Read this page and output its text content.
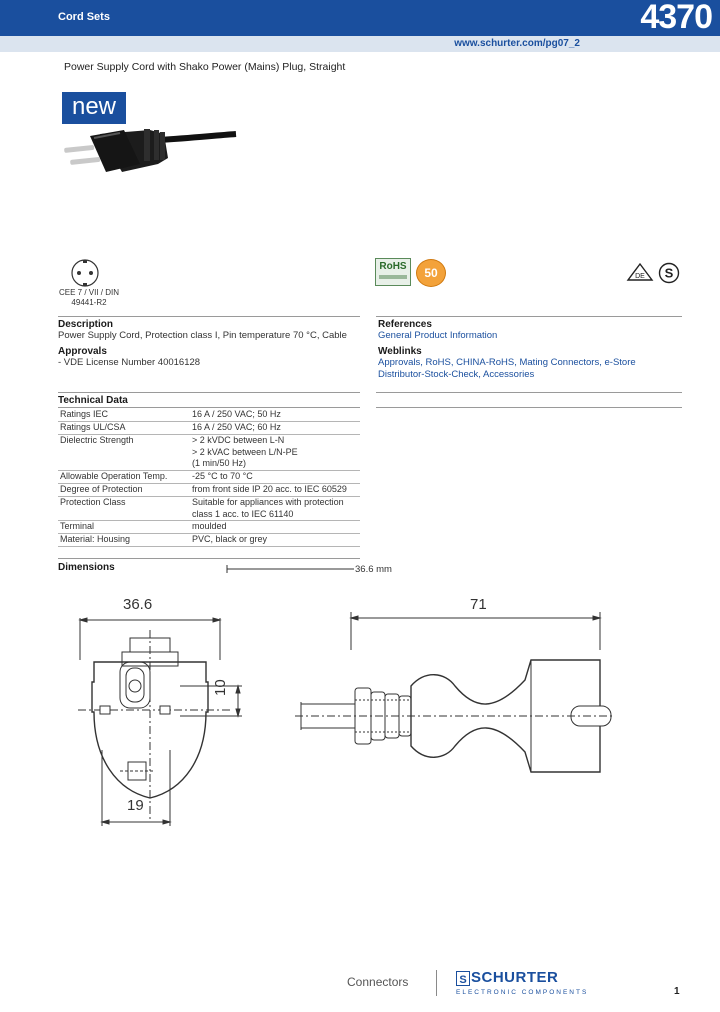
Cord Sets	4370
www.schurter.com/pg07_2
Power Supply Cord with Shako Power (Mains) Plug, Straight
new
CEE 7 / VII / DIN
49441-R2
RoHS	50	DE S
Description
Power Supply Cord, Protection class I, Pin temperature 70 °C, Cable
Approvals
- VDE License Number 40016128
References
General Product Information
Weblinks
Approvals, RoHS, CHINA-RoHS, Mating Connectors, e-Store
Distributor-Stock-Check, Accessories
Technical Data
Ratings IEC	16 A / 250 VAC; 50 Hz
Ratings UL/CSA	16 A / 250 VAC; 60 Hz
Dielectric Strength	> 2 kVDC between L-N
> 2 kVAC between L/N-PE
(1 min/50 Hz)
Allowable Operation Temp.	-25 °C to 70 °C
Degree of Protection	from front side IP 20 acc. to IEC 60529
Protection Class	Suitable for appliances with protection
class 1 acc. to IEC 61140
Terminal	moulded
Material: Housing	PVC, black or grey
Dimensions	36.6 mm
36.6
10
19
71
Connectors	S SCHURTER
ELECTRONIC COMPONENTS	1
